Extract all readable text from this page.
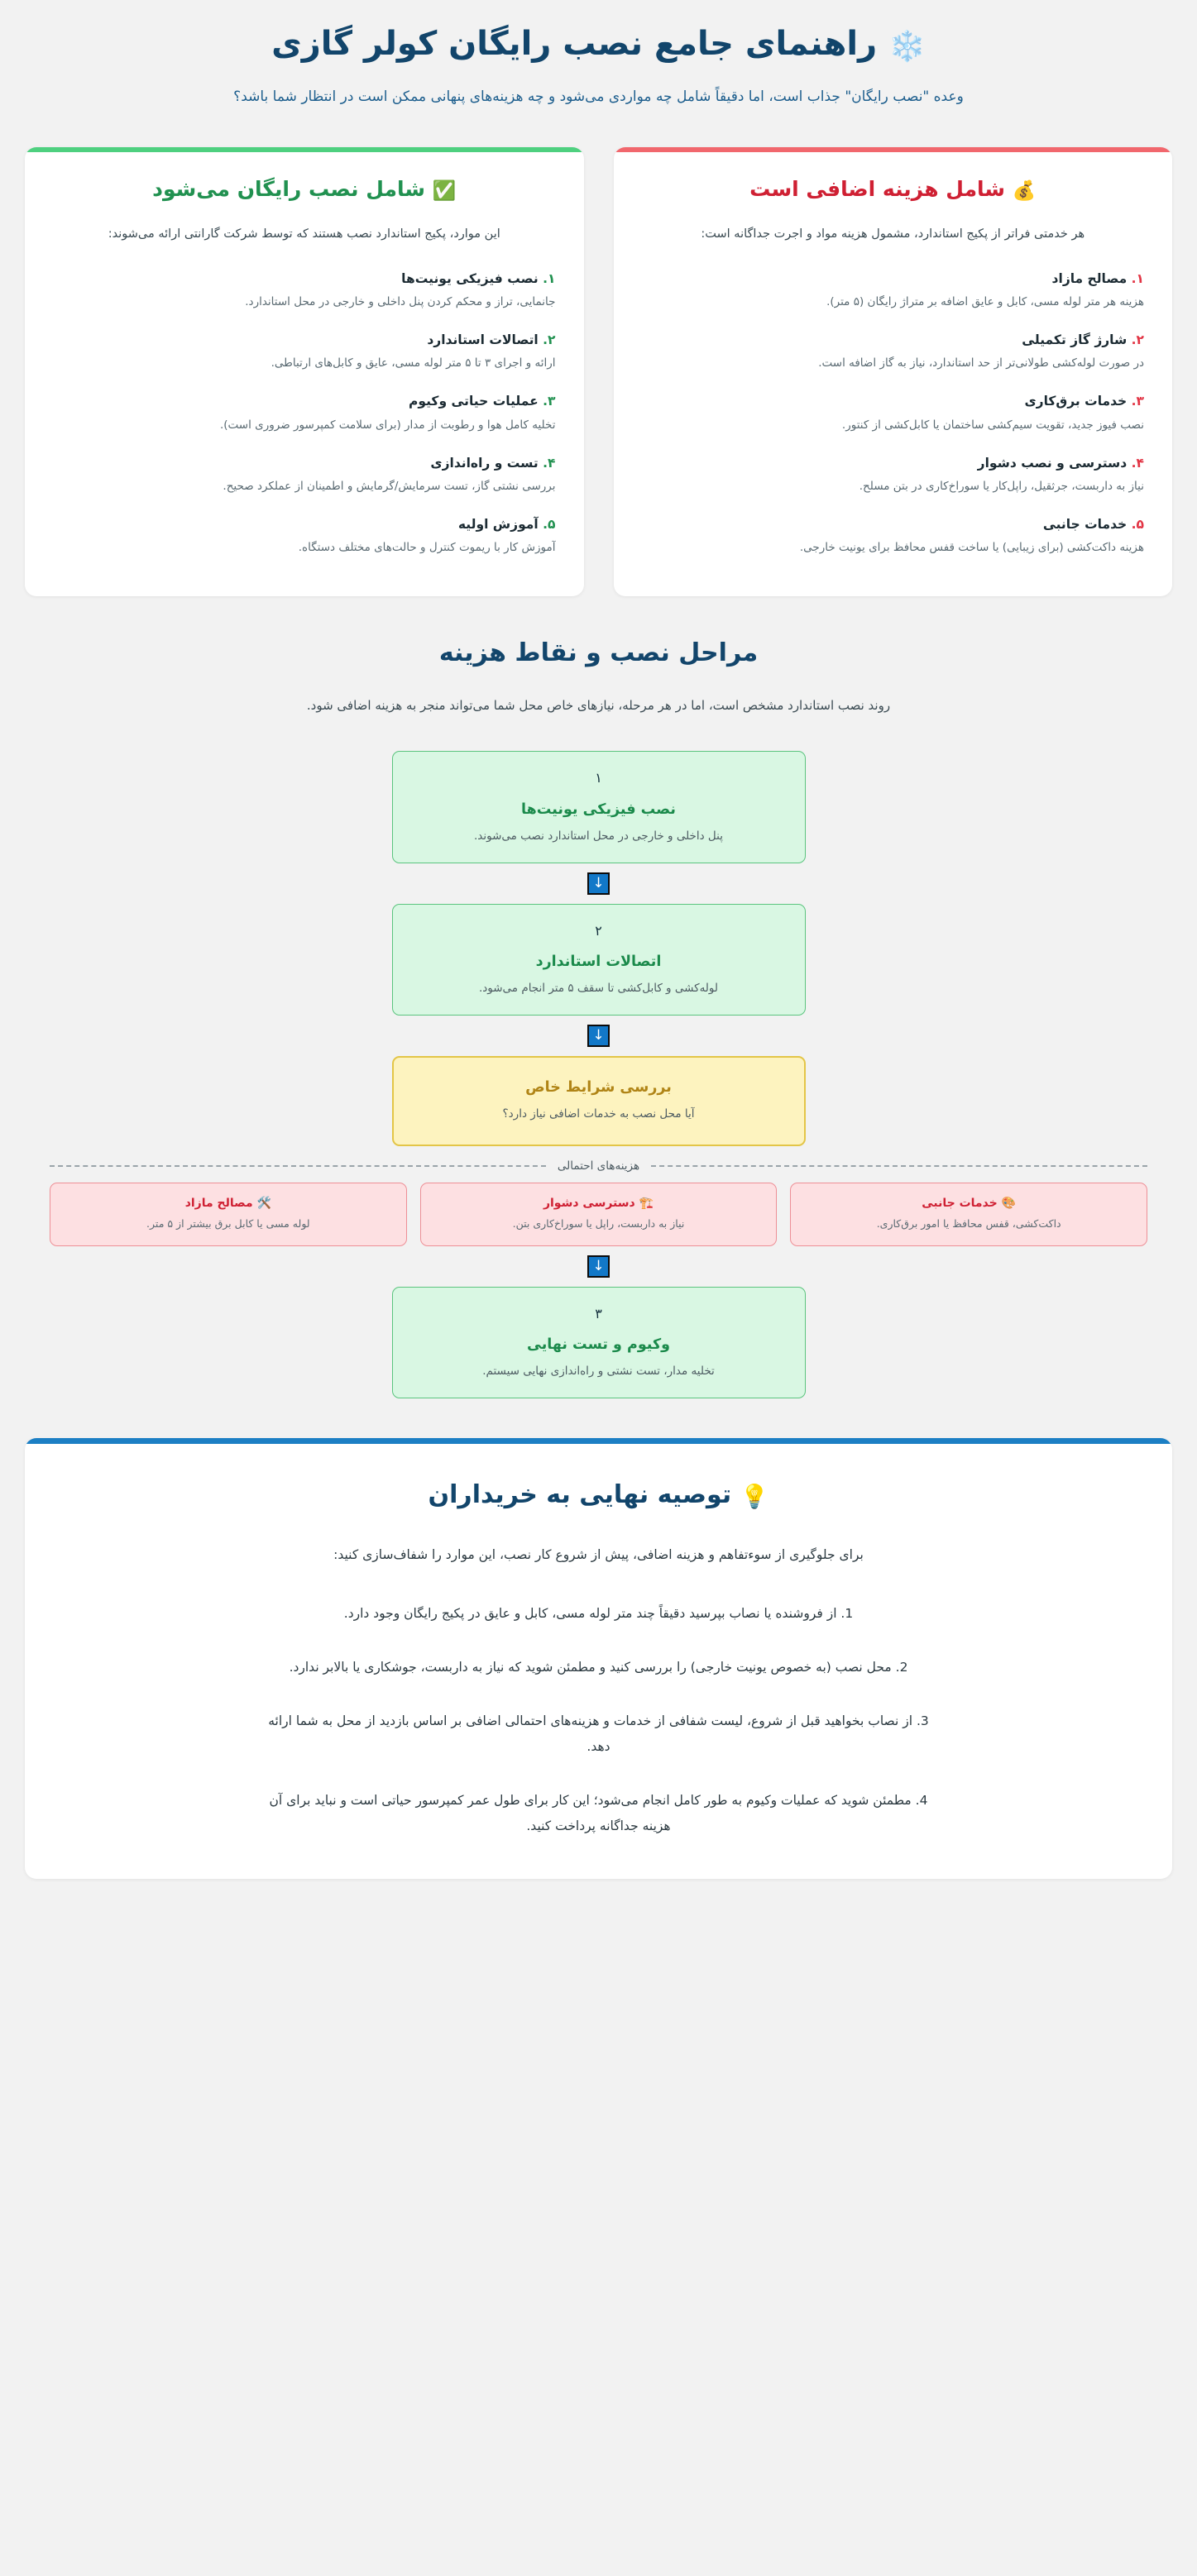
❄️ راهنمای جامع نصب رایگان کولر گازی

وعده "نصب رایگان" جذاب است، اما دقیقاً شامل چه مواردی می‌شود و چه هزینه‌های پنهانی ممکن است در انتظار شما باشد؟

💰 شامل هزینه اضافی است

هر خدمتی فراتر از پکیج استاندارد، مشمول هزینه مواد و اجرت جداگانه است:

۱. مصالح مازاد
هزینه هر متر لوله مسی، کابل و عایق اضافه بر متراژ رایگان (۵ متر).
۲. شارژ گاز تکمیلی
در صورت لوله‌کشی طولانی‌تر از حد استاندارد، نیاز به گاز اضافه است.
۳. خدمات برق‌کاری
نصب فیوز جدید، تقویت سیم‌کشی ساختمان یا کابل‌کشی از کنتور.
۴. دسترسی و نصب دشوار
نیاز به داربست، جرثقیل، راپل‌کار یا سوراخ‌کاری در بتن مسلح.
۵. خدمات جانبی
هزینه داکت‌کشی (برای زیبایی) یا ساخت قفس محافظ برای یونیت خارجی.
✅ شامل نصب رایگان می‌شود

این موارد، پکیج استاندارد نصب هستند که توسط شرکت گارانتی ارائه می‌شوند:

۱. نصب فیزیکی یونیت‌ها
جانمایی، تراز و محکم کردن پنل داخلی و خارجی در محل استاندارد.
۲. اتصالات استاندارد
ارائه و اجرای ۳ تا ۵ متر لوله مسی، عایق و کابل‌های ارتباطی.
۳. عملیات حیاتی وکیوم
تخلیه کامل هوا و رطوبت از مدار (برای سلامت کمپرسور ضروری است).
۴. تست و راه‌اندازی
بررسی نشتی گاز، تست سرمایش/گرمایش و اطمینان از عملکرد صحیح.
۵. آموزش اولیه
آموزش کار با ریموت کنترل و حالت‌های مختلف دستگاه.
مراحل نصب و نقاط هزینه

روند نصب استاندارد مشخص است، اما در هر مرحله، نیازهای خاص محل شما می‌تواند منجر به هزینه اضافی شود.

۱
نصب فیزیکی یونیت‌ها
پنل داخلی و خارجی در محل استاندارد نصب می‌شوند.
↓
۲
اتصالات استاندارد
لوله‌کشی و کابل‌کشی تا سقف ۵ متر انجام می‌شود.
↓
بررسی شرایط خاص
آیا محل نصب به خدمات اضافی نیاز دارد؟
هزینه‌های احتمالی
🎨 خدمات جانبی
داکت‌کشی، قفس محافظ یا امور برق‌کاری.
🏗️ دسترسی دشوار
نیاز به داربست، راپل یا سوراخ‌کاری بتن.
🛠️ مصالح مازاد
لوله مسی یا کابل برق بیشتر از ۵ متر.
↓
۳
وکیوم و تست نهایی
تخلیه مدار، تست نشتی و راه‌اندازی نهایی سیستم.
💡 توصیه نهایی به خریداران

برای جلوگیری از سوءتفاهم و هزینه اضافی، پیش از شروع کار نصب، این موارد را شفاف‌سازی کنید:

1. از فروشنده یا نصاب بپرسید دقیقاً چند متر لوله مسی، کابل و عایق در پکیج رایگان وجود دارد.
2. محل نصب (به خصوص یونیت خارجی) را بررسی کنید و مطمئن شوید که نیاز به داربست، جوشکاری یا بالابر ندارد.
3. از نصاب بخواهید قبل از شروع، لیست شفافی از خدمات و هزینه‌های احتمالی اضافی بر اساس بازدید از محل به شما ارائه دهد.
4. مطمئن شوید که عملیات وکیوم به طور کامل انجام می‌شود؛ این کار برای طول عمر کمپرسور حیاتی است و نباید برای آن هزینه جداگانه پرداخت کنید.
